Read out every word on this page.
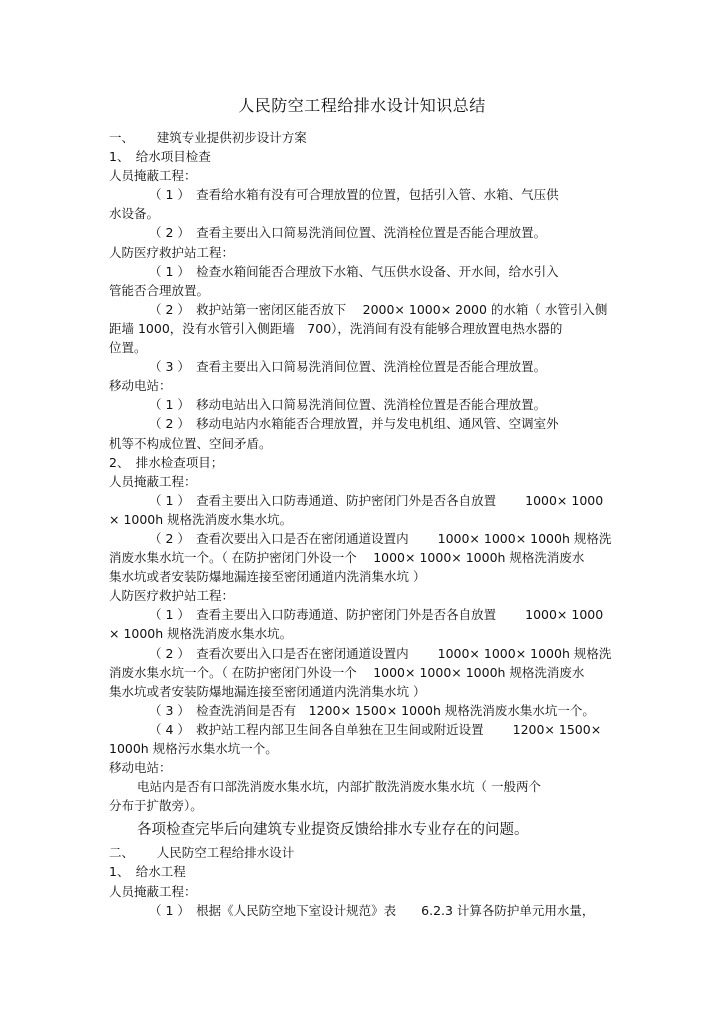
人民防空工程给排水设计知识总结
一、　　 建筑专业提供初步设计方案
1、　给水项目检查
人员掩蔽工程：
（ 1 ）　查看给水箱有没有可合理放置的位置，包括引入管、水箱、气压供
水设备。
（ 2 ）　查看主要出入口简易洗消间位置、洗消栓位置是否能合理放置。
人防医疗救护站工程：
（ 1 ）　检查水箱间能否合理放下水箱、气压供水设备、开水间，给水引入
管能否合理放置。
（ 2 ）　救护站第一密闭区能否放下　 2000× 1000× 2000 的水箱（ 水管引入侧
距墙 1000，没有水管引入侧距墙　700），洗消间有没有能够合理放置电热水器的
位置。
（ 3 ）　查看主要出入口简易洗消间位置、洗消栓位置是否能合理放置。
移动电站：
（ 1 ）　移动电站出入口简易洗消间位置、洗消栓位置是否能合理放置。
（ 2 ）　移动电站内水箱能否合理放置，并与发电机组、通风管、空调室外
机等不构成位置、空间矛盾。
2、　排水检查项目；
人员掩蔽工程：
（ 1 ）　查看主要出入口防毒通道、防护密闭门外是否各自放置　　 1000× 1000
× 1000h 规格洗消废水集水坑。
（ 2 ）　查看次要出入口是否在密闭通道设置内　 　1000× 1000× 1000h 规格洗
消废水集水坑一个。（ 在防护密闭门外设一个　 1000× 1000× 1000h 规格洗消废水
集水坑或者安装防爆地漏连接至密闭通道内洗消集水坑 ）
人防医疗救护站工程：
（ 1 ）　查看主要出入口防毒通道、防护密闭门外是否各自放置　　 1000× 1000
× 1000h 规格洗消废水集水坑。
（ 2 ）　查看次要出入口是否在密闭通道设置内　 　1000× 1000× 1000h 规格洗
消废水集水坑一个。（ 在防护密闭门外设一个　 1000× 1000× 1000h 规格洗消废水
集水坑或者安装防爆地漏连接至密闭通道内洗消集水坑 ）
（ 3 ）　检查洗消间是否有　1200× 1500× 1000h 规格洗消废水集水坑一个。
（ 4 ）　救护站工程内部卫生间各自单独在卫生间或附近设置　　 1200× 1500×
1000h 规格污水集水坑一个。
移动电站：
电站内是否有口部洗消废水集水坑，内部扩散洗消废水集水坑（ 一般两个
分布于扩散旁）。
各项检查完毕后向建筑专业提资反馈给排水专业存在的问题。
二、　　 人民防空工程给排水设计
1、　给水工程
人员掩蔽工程：
（ 1 ）　根据《人民防空地下室设计规范》表　　6.2.3 计算各防护单元用水量，
